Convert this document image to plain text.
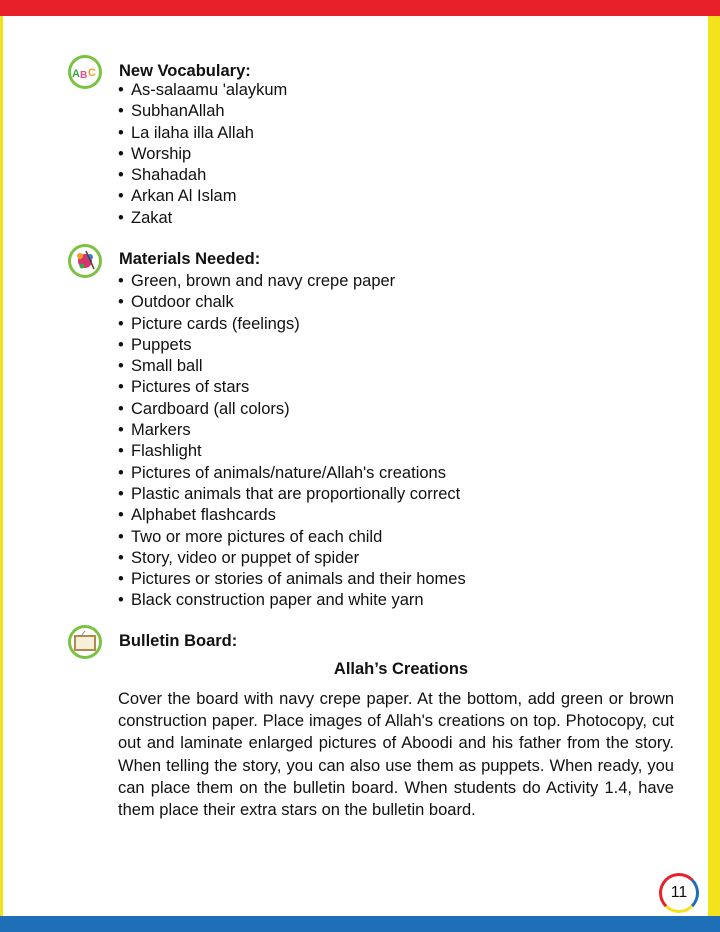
A B C New Vocabulary:
• As-salaamu 'alaykum
• SubhanAllah
• La ilaha illa Allah
• Worship
• Shahadah
• Arkan Al Islam
• Zakat
Materials Needed:
• Green, brown and navy crepe paper
• Outdoor chalk
• Picture cards (feelings)
• Puppets
• Small ball
• Pictures of stars
• Cardboard (all colors)
• Markers
• Flashlight
• Pictures of animals/nature/Allah's creations
• Plastic animals that are proportionally correct
• Alphabet flashcards
• Two or more pictures of each child
• Story, video or puppet of spider
• Pictures or stories of animals and their homes
• Black construction paper and white yarn
Bulletin Board:
Allah’s Creations

Cover the board with navy crepe paper. At the bottom, add green or brown construction paper. Place images of Allah's creations on top. Photocopy, cut out and laminate enlarged pictures of Aboodi and his father from the story. When telling the story, you can also use them as puppets. When ready, you can place them on the bulletin board. When students do Activity 1.4, have them place their extra stars on the bulletin board.

11
